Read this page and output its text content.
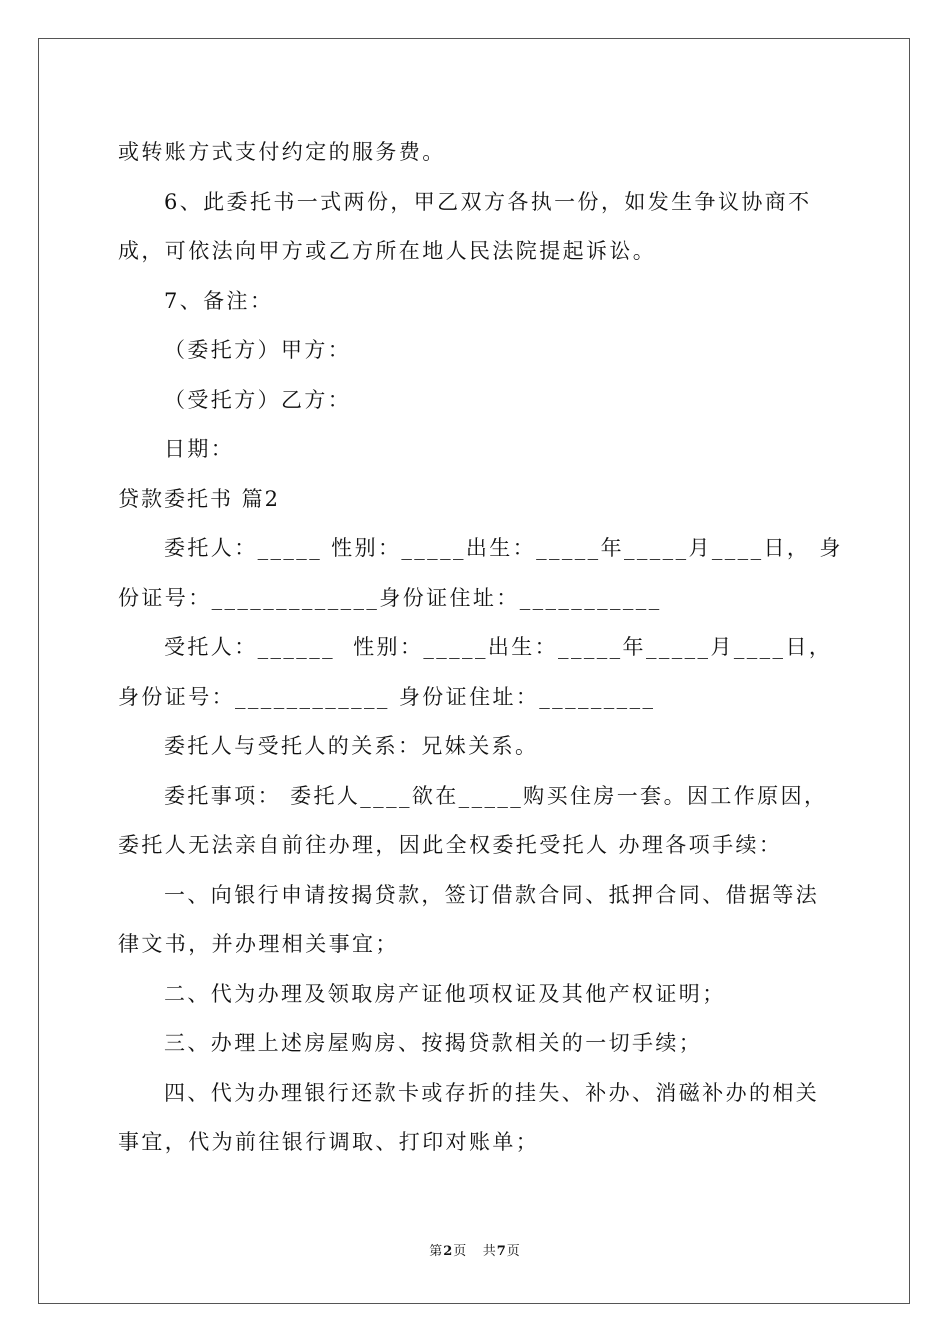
或转账方式支付约定的服务费。
6、此委托书一式两份，甲乙双方各执一份，如发生争议协商不
成，可依法向甲方或乙方所在地人民法院提起诉讼。
7、备注：
（委托方）甲方：
（受托方）乙方：
日期：
贷款委托书 篇2
委托人：_____ 性别：_____出生：_____年_____月____日， 身
份证号：_____________身份证住址：___________
受托人：______  性别：_____出生：_____年_____月____日，
身份证号：____________ 身份证住址：_________
委托人与受托人的关系：兄妹关系。
委托事项： 委托人____欲在_____购买住房一套。因工作原因，
委托人无法亲自前往办理，因此全权委托受托人 办理各项手续：
一、向银行申请按揭贷款，签订借款合同、抵押合同、借据等法
律文书，并办理相关事宜；
二、代为办理及领取房产证他项权证及其他产权证明；
三、办理上述房屋购房、按揭贷款相关的一切手续；
四、代为办理银行还款卡或存折的挂失、补办、消磁补办的相关
事宜，代为前往银行调取、打印对账单；
第2页 共7页
